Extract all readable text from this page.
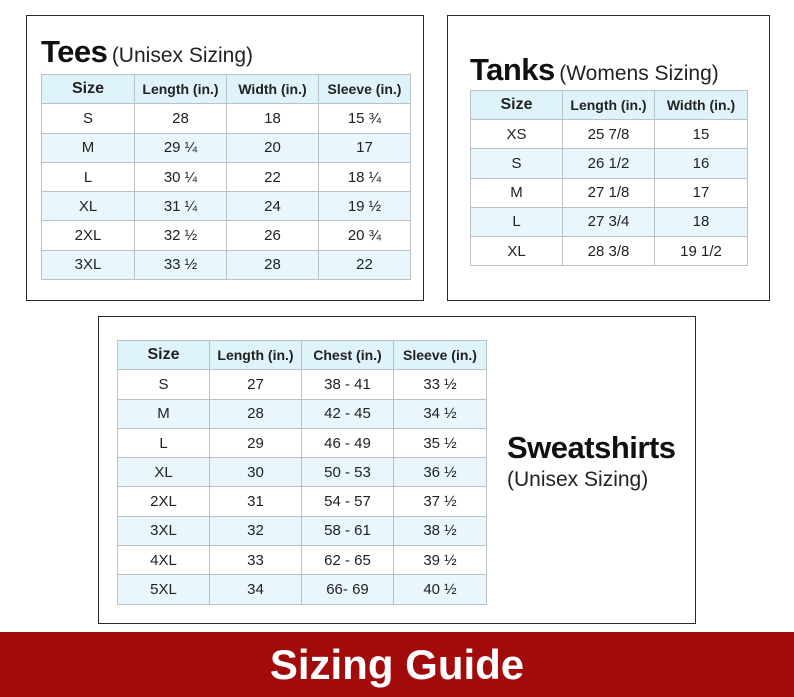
Tees (Unisex Sizing)
Size	Length (in.)	Width (in.)	Sleeve (in.)
S	28	18	15 ¾
M	29 ¼	20	17
L	30 ¼	22	18 ¼
XL	31 ¼	24	19 ½
2XL	32 ½	26	20 ¾
3XL	33 ½	28	22
Tanks (Womens Sizing)
Size	Length (in.)	Width (in.)
XS	25 7/8	15
S	26 1/2	16
M	27 1/8	17
L	27 3/4	18
XL	28 3/8	19 1/2
Size	Length (in.)	Chest (in.)	Sleeve (in.)
S	27	38 - 41	33 ½
M	28	42 - 45	34 ½
L	29	46 - 49	35 ½
XL	30	50 - 53	36 ½
2XL	31	54 - 57	37 ½
3XL	32	58 - 61	38 ½
4XL	33	62 - 65	39 ½
5XL	34	66- 69	40 ½
Sweatshirts
(Unisex Sizing)
Sizing Guide
